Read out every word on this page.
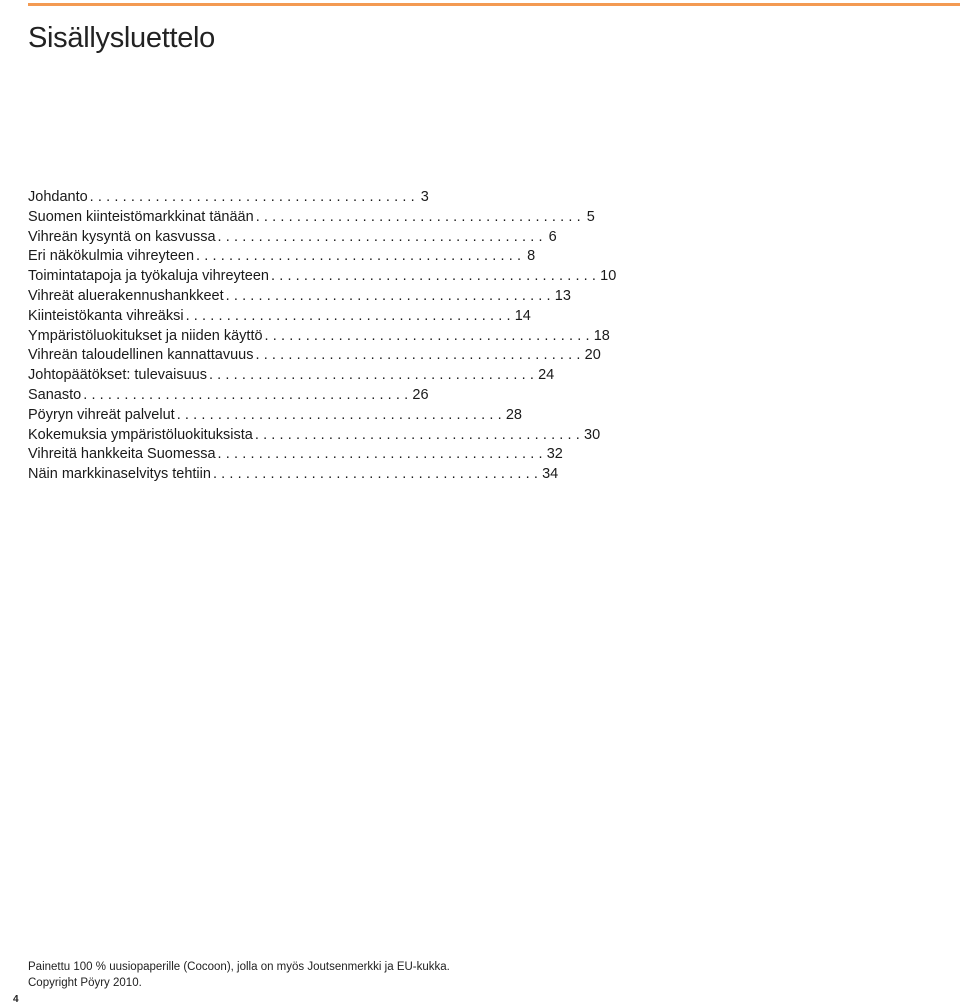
Sisällysluettelo
Johdanto ........................................ 3
Suomen kiinteistömarkkinat tänään ........................................ 5
Vihreän kysyntä on kasvussa ........................................ 6
Eri näkökulmia vihreyteen ........................................ 8
Toimintatapoja ja työkaluja vihreyteen ........................................ 10
Vihreät aluerakennushankkeet ........................................ 13
Kiinteistökanta vihreäksi ........................................ 14
Ympäristöluokitukset ja niiden käyttö ........................................ 18
Vihreän taloudellinen kannattavuus ........................................ 20
Johtopäätökset: tulevaisuus ........................................ 24
Sanasto ........................................ 26
Pöyryn vihreät palvelut ........................................ 28
Kokemuksia ympäristöluokituksista ........................................ 30
Vihreitä hankkeita Suomessa ........................................ 32
Näin markkinaselvitys tehtiin ........................................ 34

Painettu 100 % uusiopaperille (Cocoon), jolla on myös Joutsenmerkki ja EU-kukka.

Copyright Pöyry 2010.

4
